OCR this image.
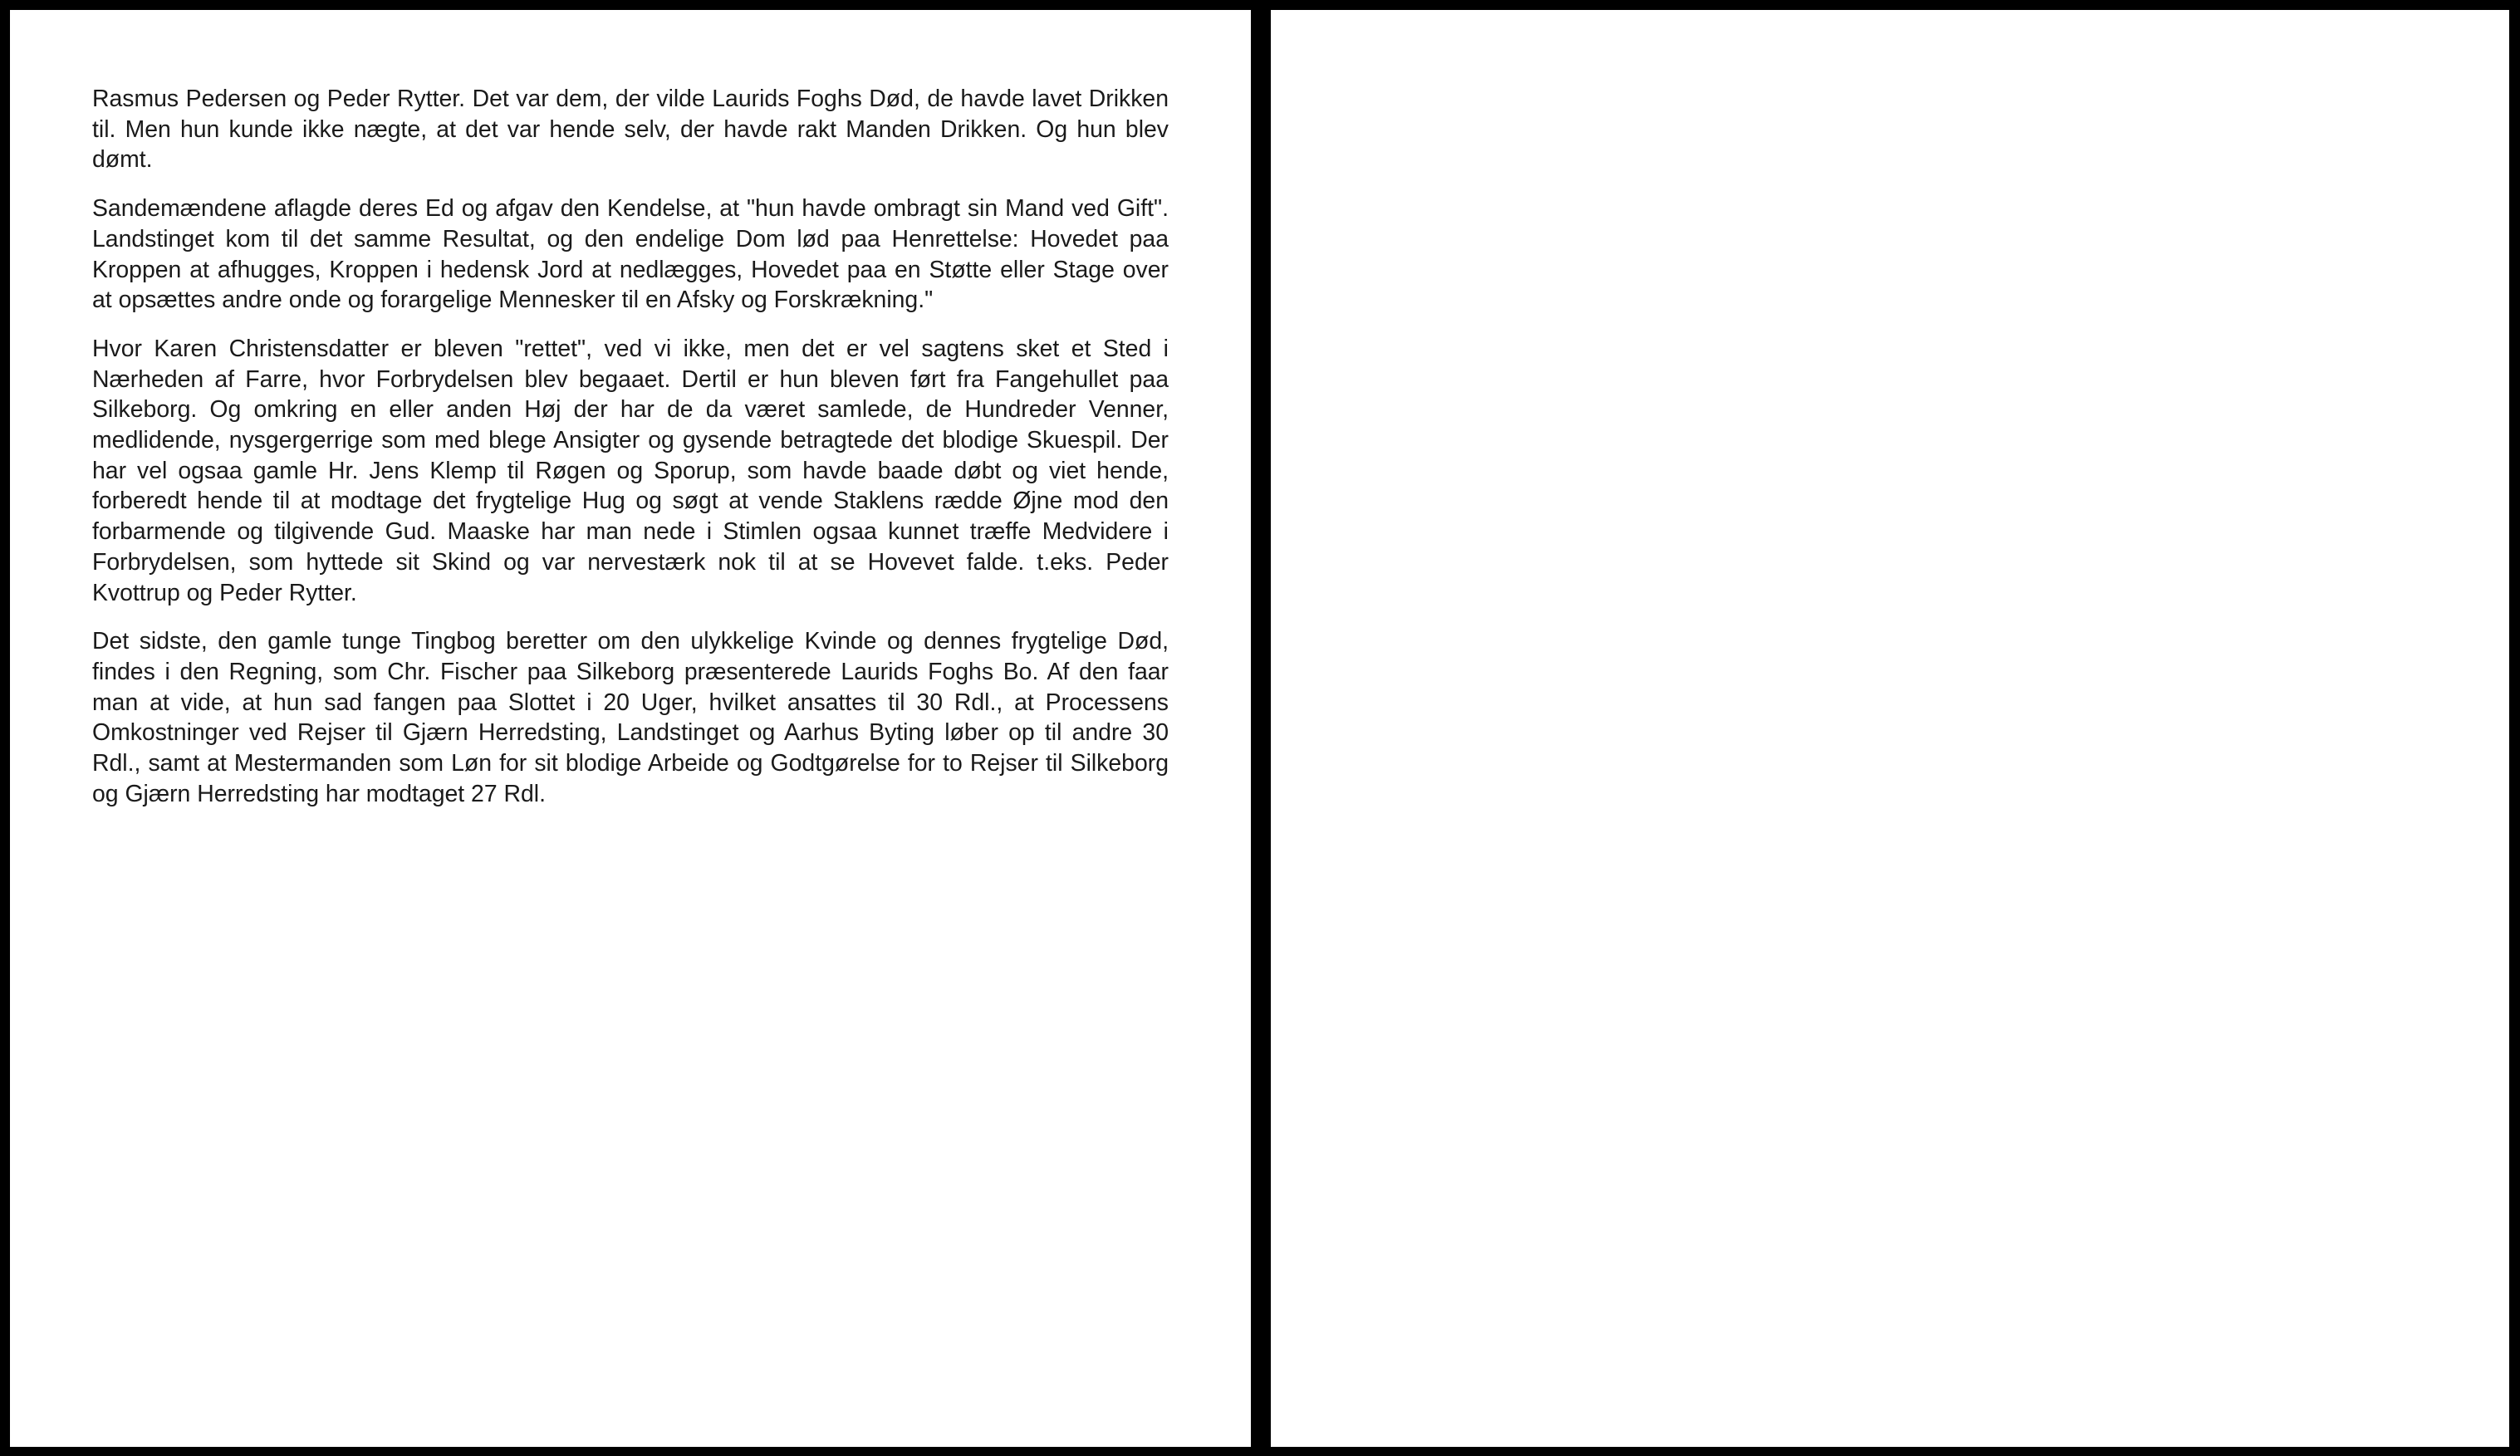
Rasmus Pedersen og Peder Rytter. Det var dem, der vilde Laurids Foghs Død, de havde lavet Drikken til. Men hun kunde ikke nægte, at det var hende selv, der havde rakt Manden Drikken. Og hun blev dømt.

Sandemændene aflagde deres Ed og afgav den Kendelse, at "hun havde ombragt sin Mand ved Gift". Landstinget kom til det samme Resultat, og den endelige Dom lød paa Henrettelse: Hovedet paa Kroppen at afhugges, Kroppen i hedensk Jord at nedlægges, Hovedet paa en Støtte eller Stage over at opsættes andre onde og forargelige Mennesker til en Afsky og Forskrækning."

Hvor Karen Christensdatter er bleven "rettet", ved vi ikke, men det er vel sagtens sket et Sted i Nærheden af Farre, hvor Forbrydelsen blev begaaet. Dertil er hun bleven ført fra Fangehullet paa Silkeborg. Og omkring en eller anden Høj der har de da været samlede, de Hundreder Venner, medlidende, nysgergerrige som med blege Ansigter og gysende betragtede det blodige Skuespil. Der har vel ogsaa gamle Hr. Jens Klemp til Røgen og Sporup, som havde baade døbt og viet hende, forberedt hende til at modtage det frygtelige Hug og søgt at vende Staklens rædde Øjne mod den forbarmende og tilgivende Gud. Maaske har man nede i Stimlen ogsaa kunnet træffe Medvidere i Forbrydelsen, som hyttede sit Skind og var nervestærk nok til at se Hovevet falde. t.eks. Peder Kvottrup og Peder Rytter.

Det sidste, den gamle tunge Tingbog beretter om den ulykkelige Kvinde og dennes frygtelige Død, findes i den Regning, som Chr. Fischer paa Silkeborg præsenterede Laurids Foghs Bo. Af den faar man at vide, at hun sad fangen paa Slottet i 20 Uger, hvilket ansattes til 30 Rdl., at Processens Omkostninger ved Rejser til Gjærn Herredsting, Landstinget og Aarhus Byting løber op til andre 30 Rdl., samt at Mestermanden som Løn for sit blodige Arbeide og Godtgørelse for to Rejser til Silkeborg og Gjærn Herredsting har modtaget 27 Rdl.
